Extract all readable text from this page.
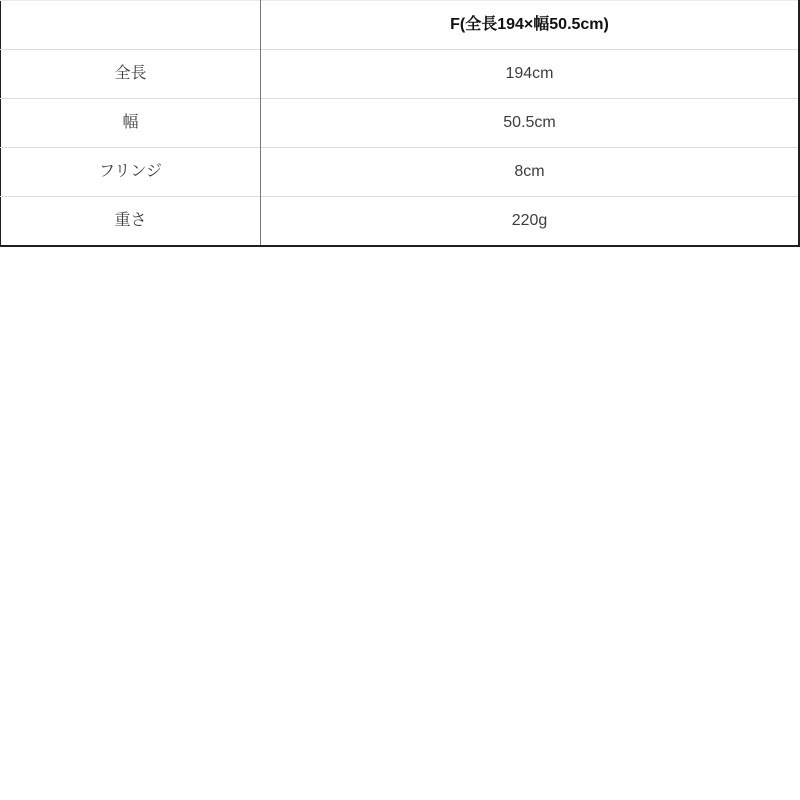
	F(全長194×幅50.5cm)
全長	194cm
幅	50.5cm
フリンジ	8cm
重さ	220g
